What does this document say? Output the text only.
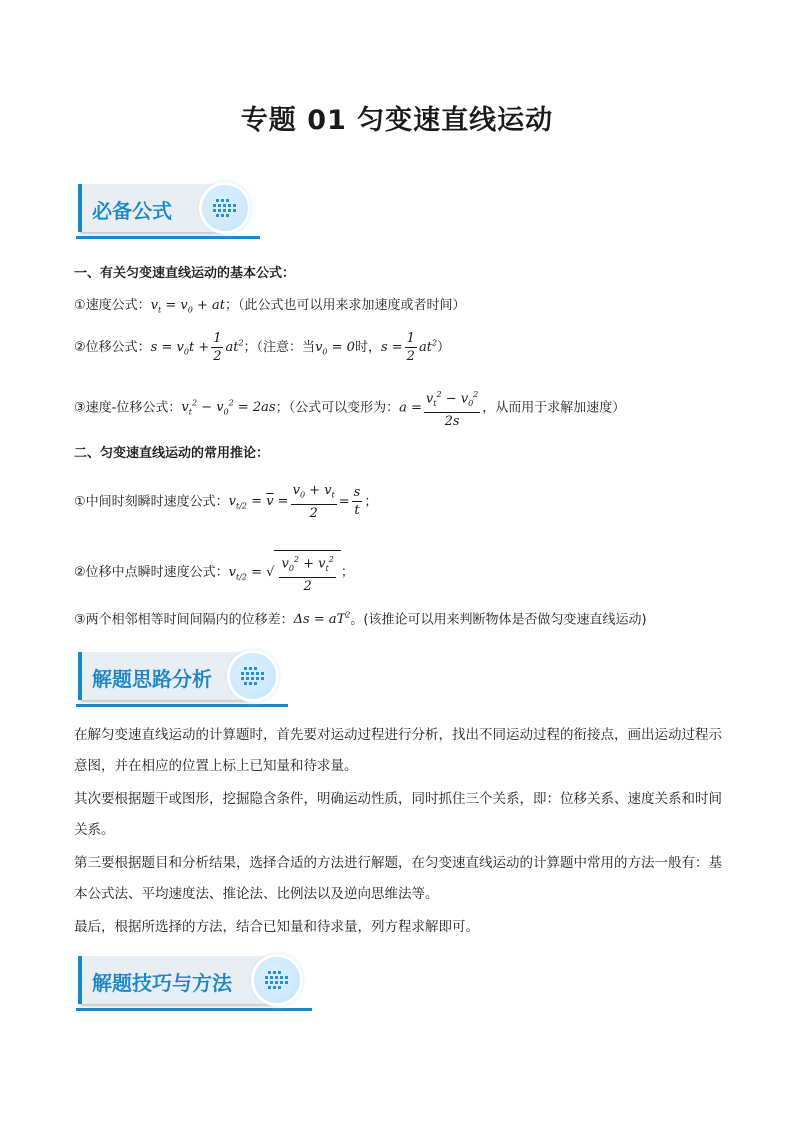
专题 01 匀变速直线运动
必备公式
一、有关匀变速直线运动的基本公式：
①速度公式：$v_t = v_0$ + at；（此公式也可以用来求加速度或者时间）
②位移公式：$s = v_0t + \frac{1}{2} at^2$；（注意：当$v_0 = 0$时，$s = \frac{1}{2} at^2$）
③速度-位移公式：$v_t^2 - v_0^2 = 2as$；（公式可以变形为：$a = \frac{v_t^2 - v_0^2}{2s}$ ，从而用于求解加速度）
二、匀变速直线运动的常用推论：
①中间时刻瞬时速度公式：$v_{t/2} = \overline{v} = \frac{v_0 + v_t}{2} = \frac{s}{t}$ ；
②位移中点瞬时速度公式：$v_{t/2}$ = √ $\frac{v_0^2 + v_t^2}{2}$ ；
③两个相邻相等时间间隔内的位移差：$\Delta s = aT^2$。(该推论可以用来判断物体是否做匀变速直线运动)
解题思路分析
在解匀变速直线运动的计算题时，首先要对运动过程进行分析，找出不同运动过程的衔接点，画出运动过程示意图，并在相应的位置上标上已知量和待求量。
其次要根据题干或图形，挖掘隐含条件，明确运动性质，同时抓住三个关系，即：位移关系、速度关系和时间关系。
第三要根据题目和分析结果，选择合适的方法进行解题，在匀变速直线运动的计算题中常用的方法一般有：基本公式法、平均速度法、推论法、比例法以及逆向思维法等。
最后，根据所选择的方法，结合已知量和待求量，列方程求解即可。
解题技巧与方法
